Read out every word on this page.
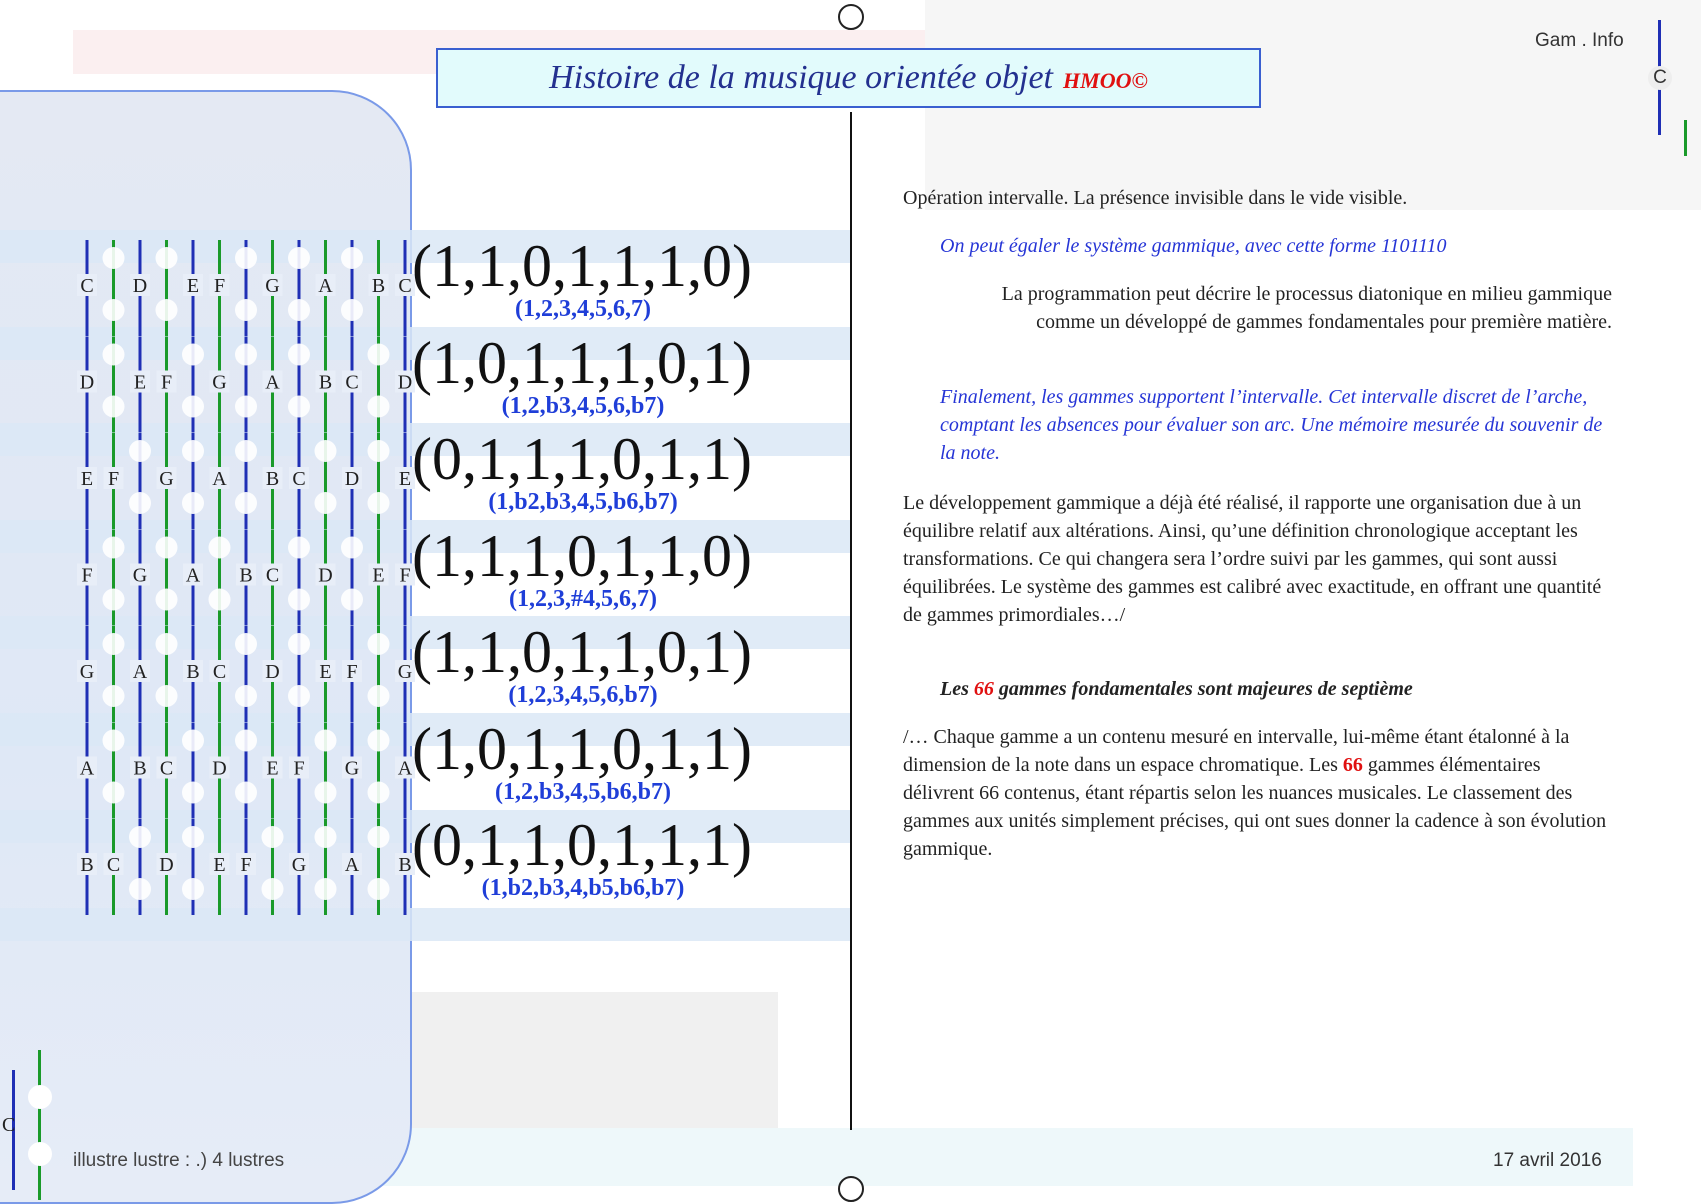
Histoire de la musique orientée objet HMOO©
Gam . Info
C
C
C D E F G A B C
D E F G A B C D
E F G A B C D E
F G A B C D E F
G A B C D E F G
A B C D E F G A
B C D E F G A B
(1,1,0,1,1,1,0)
(1,2,3,4,5,6,7)
(1,0,1,1,1,0,1)
(1,2,b3,4,5,6,b7)
(0,1,1,1,0,1,1)
(1,b2,b3,4,5,b6,b7)
(1,1,1,0,1,1,0)
(1,2,3,#4,5,6,7)
(1,1,0,1,1,0,1)
(1,2,3,4,5,6,b7)
(1,0,1,1,0,1,1)
(1,2,b3,4,5,b6,b7)
(0,1,1,0,1,1,1)
(1,b2,b3,4,b5,b6,b7)
Opération intervalle. La présence invisible dans le vide visible.
On peut égaler le système gammique, avec cette forme 1101110
La programmation peut décrire le processus diatonique en milieu gammique comme un développé de gammes fondamentales pour première matière.
Finalement, les gammes supportent l’intervalle. Cet intervalle discret de l’arche, comptant les absences pour évaluer son arc. Une mémoire mesurée du souvenir de la note.
Le développement gammique a déjà été réalisé, il rapporte une organisation due à un équilibre relatif aux altérations. Ainsi, qu’une définition chronologique acceptant les transformations. Ce qui changera sera l’ordre suivi par les gammes, qui sont aussi équilibrées. Le système des gammes est calibré avec exactitude, en offrant une quantité de gammes primordiales…/
Les 66 gammes fondamentales sont majeures de septième
/… Chaque gamme a un contenu mesuré en intervalle, lui-même étant étalonné à la dimension de la note dans un espace chromatique. Les 66 gammes élémentaires délivrent 66 contenus, étant répartis selon les nuances musicales. Le classement des gammes aux unités simplement précises, qui ont sues donner la cadence à son évolution gammique.
illustre lustre : .) 4 lustres	17 avril 2016
